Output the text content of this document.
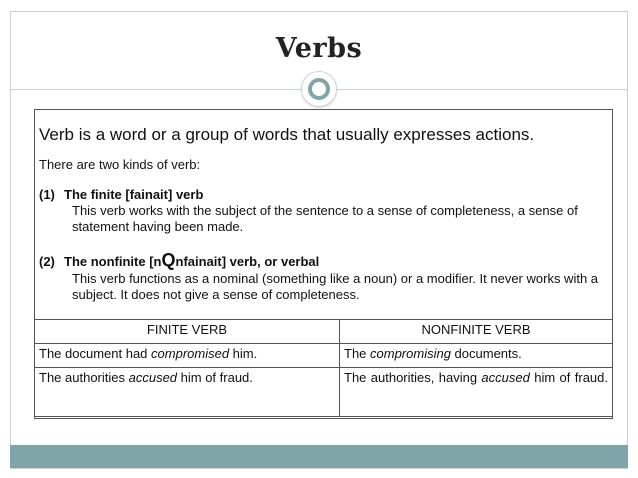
Verbs
Verb is a word or a group of words that usually expresses actions.
There are two kinds of verb:
(1) The finite [fainait] verb
This verb works with the subject of the sentence to a sense of completeness, a sense of statement having been made.
(2) The nonfinite [nQnfainait] verb, or verbal
This verb functions as a nominal (something like a noun) or a modifier. It never works with a subject. It does not give a sense of completeness.
FINITE VERB	NONFINITE VERB
The document had compromised him.	The compromising documents.
The authorities accused him of fraud.	The authorities, having accused him of fraud.
